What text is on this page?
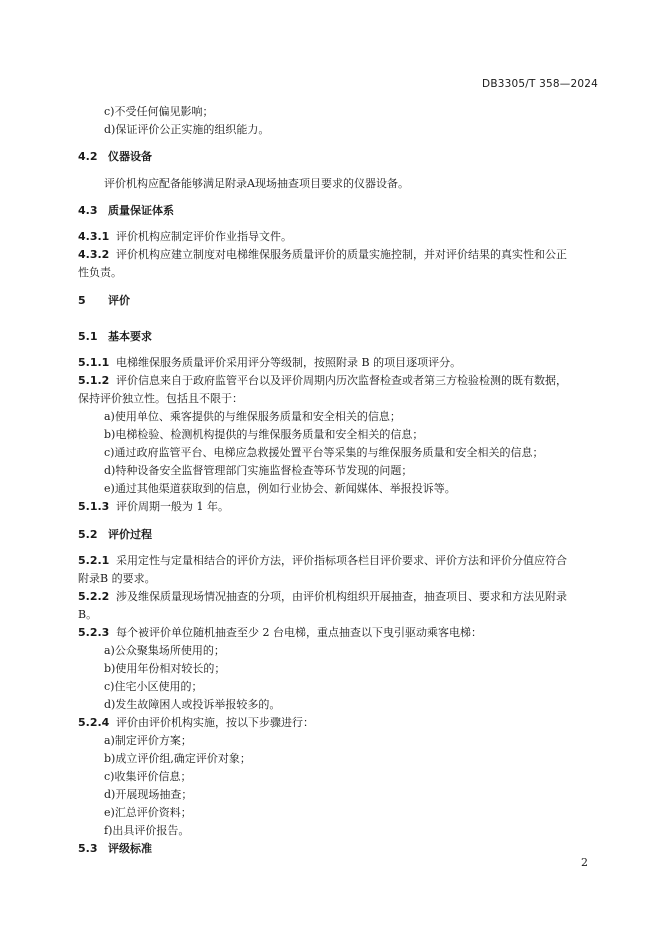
DB3305/T 358—2024
c)不受任何偏见影响；
d)保证评价公正实施的组织能力。
4.2 仪器设备
评价机构应配备能够满足附录A现场抽查项目要求的仪器设备。
4.3 质量保证体系
4.3.1 评价机构应制定评价作业指导文件。
4.3.2 评价机构应建立制度对电梯维保服务质量评价的质量实施控制，并对评价结果的真实性和公正
性负责。
5 评价
5.1 基本要求
5.1.1 电梯维保服务质量评价采用评分等级制，按照附录 B 的项目逐项评分。
5.1.2 评价信息来自于政府监管平台以及评价周期内历次监督检查或者第三方检验检测的既有数据，
保持评价独立性。包括且不限于：
a)使用单位、乘客提供的与维保服务质量和安全相关的信息；
b)电梯检验、检测机构提供的与维保服务质量和安全相关的信息；
c)通过政府监管平台、电梯应急救援处置平台等采集的与维保服务质量和安全相关的信息；
d)特种设备安全监督管理部门实施监督检查等环节发现的问题；
e)通过其他渠道获取到的信息，例如行业协会、新闻媒体、举报投诉等。
5.1.3 评价周期一般为 1 年。
5.2 评价过程
5.2.1 采用定性与定量相结合的评价方法，评价指标项各栏目评价要求、评价方法和评价分值应符合
附录B 的要求。
5.2.2 涉及维保质量现场情况抽查的分项，由评价机构组织开展抽查，抽查项目、要求和方法见附录
B。
5.2.3 每个被评价单位随机抽查至少 2 台电梯，重点抽查以下曳引驱动乘客电梯：
a)公众聚集场所使用的；
b)使用年份相对较长的；
c)住宅小区使用的；
d)发生故障困人或投诉举报较多的。
5.2.4 评价由评价机构实施，按以下步骤进行：
a)制定评价方案；
b)成立评价组,确定评价对象；
c)收集评价信息；
d)开展现场抽查；
e)汇总评价资料；
f)出具评价报告。
5.3 评级标准
2
